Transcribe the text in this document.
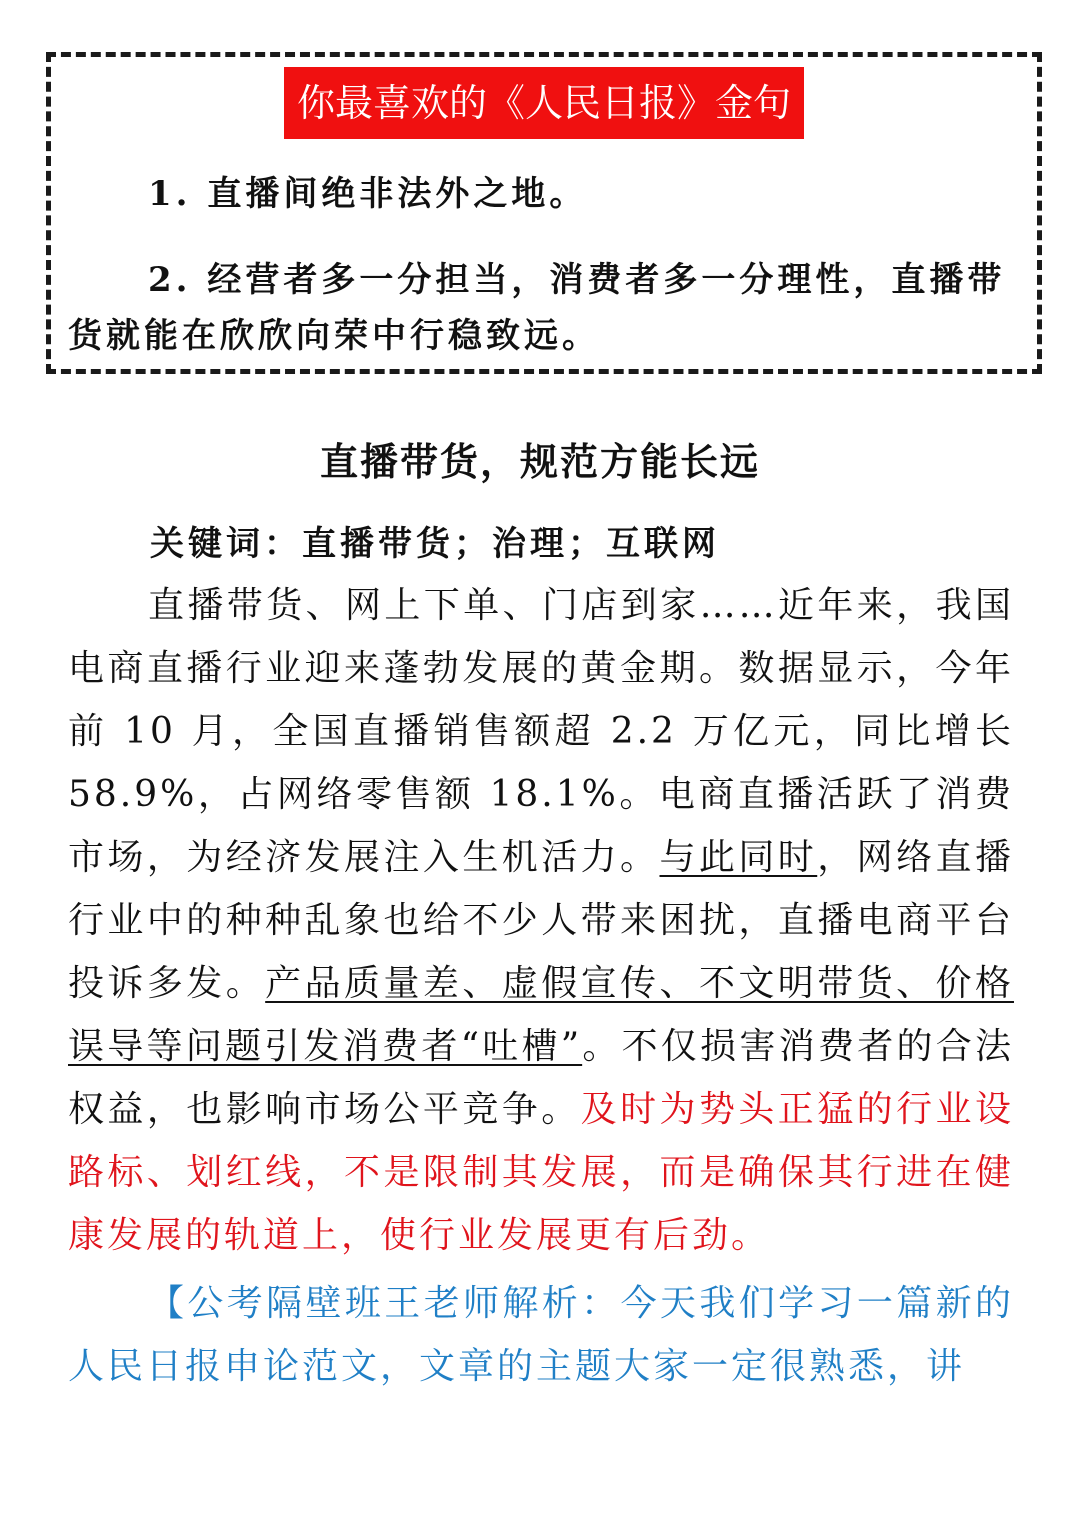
你最喜欢的《人民日报》金句
1. 直播间绝非法外之地。
2. 经营者多一分担当，消费者多一分理性，直播带货就能在欣欣向荣中行稳致远。
直播带货，规范方能长远
关键词：直播带货；治理；互联网
直播带货、网上下单、门店到家……近年来，我国电商直播行业迎来蓬勃发展的黄金期。数据显示，今年前 10 月，全国直播销售额超 2.2 万亿元，同比增长 58.9%，占网络零售额 18.1%。电商直播活跃了消费市场，为经济发展注入生机活力。与此同时，网络直播行业中的种种乱象也给不少人带来困扰，直播电商平台投诉多发。产品质量差、虚假宣传、不文明带货、价格误导等问题引发消费者“吐槽”。不仅损害消费者的合法权益，也影响市场公平竞争。及时为势头正猛的行业设路标、划红线，不是限制其发展，而是确保其行进在健康发展的轨道上，使行业发展更有后劲。
【公考隔壁班王老师解析：今天我们学习一篇新的人民日报申论范文，文章的主题大家一定很熟悉，讲
